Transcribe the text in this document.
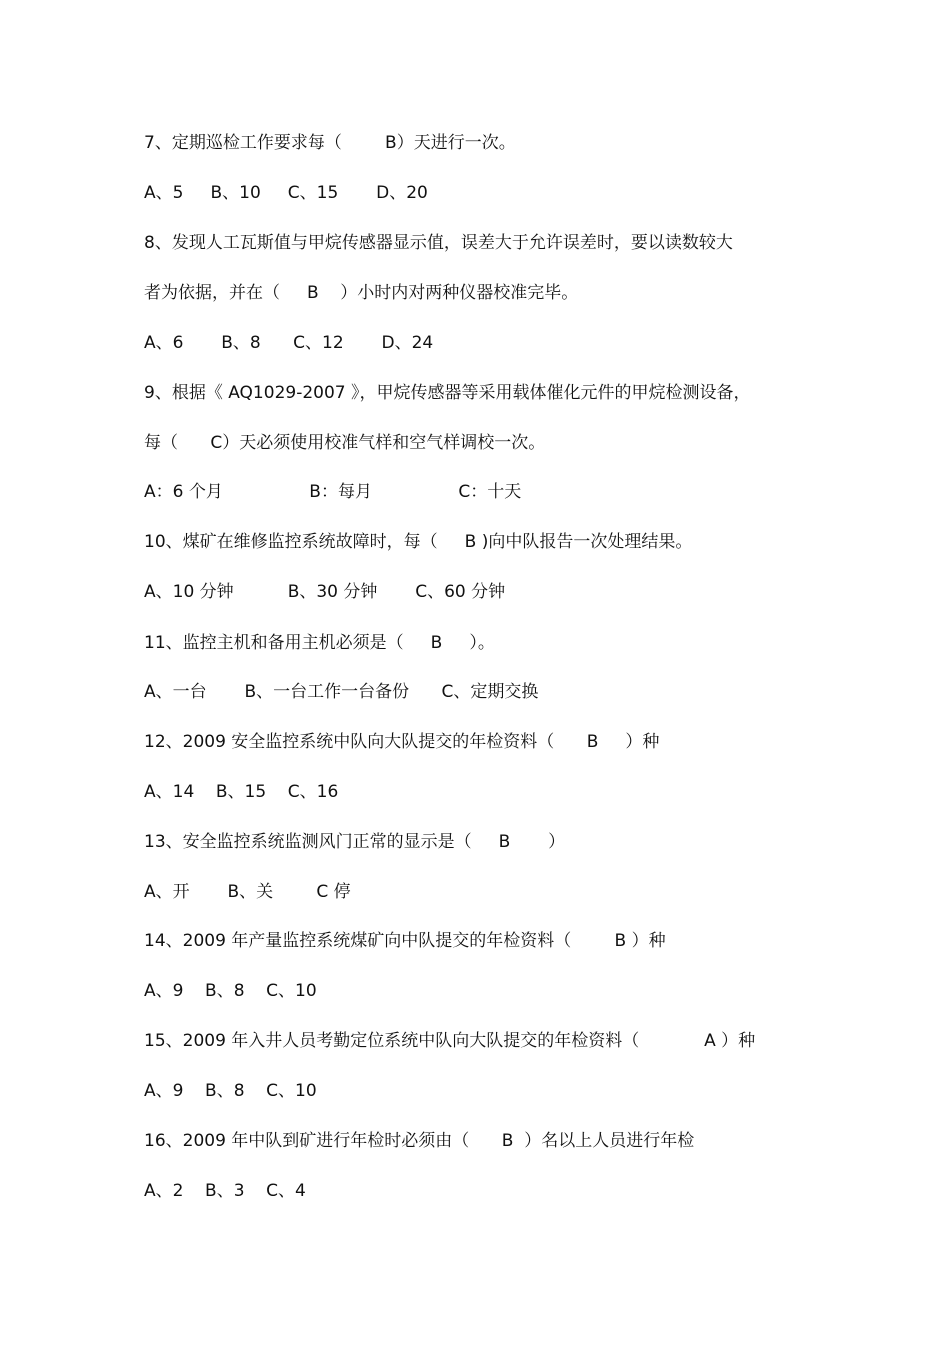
7、定期巡检工作要求每（        B）天进行一次。
A、5     B、10     C、15       D、20
8、发现人工瓦斯值与甲烷传感器显示值，误差大于允许误差时，要以读数较大
者为依据，并在（     B    ）小时内对两种仪器校准完毕。
A、6       B、8      C、12       D、24
9、根据《 AQ1029-2007 》，甲烷传感器等采用载体催化元件的甲烷检测设备，
每（      C）天必须使用校准气样和空气样调校一次。
A：6 个月                B：每月                C：十天
10、煤矿在维修监控系统故障时，每（     B )向中队报告一次处理结果。
A、10 分钟          B、30 分钟       C、60 分钟
11、监控主机和备用主机必须是（     B     ）。
A、一台       B、一台工作一台备份      C、定期交换
12、2009 安全监控系统中队向大队提交的年检资料（      B     ）种
A、14    B、15    C、16
13、安全监控系统监测风门正常的显示是（     B       ）
A、开       B、关        C 停
14、2009 年产量监控系统煤矿向中队提交的年检资料（        B ）种
A、9    B、8    C、10
15、2009 年入井人员考勤定位系统中队向大队提交的年检资料（            A ）种
A、9    B、8    C、10
16、2009 年中队到矿进行年检时必须由（      B  ）名以上人员进行年检
A、2    B、3    C、4
